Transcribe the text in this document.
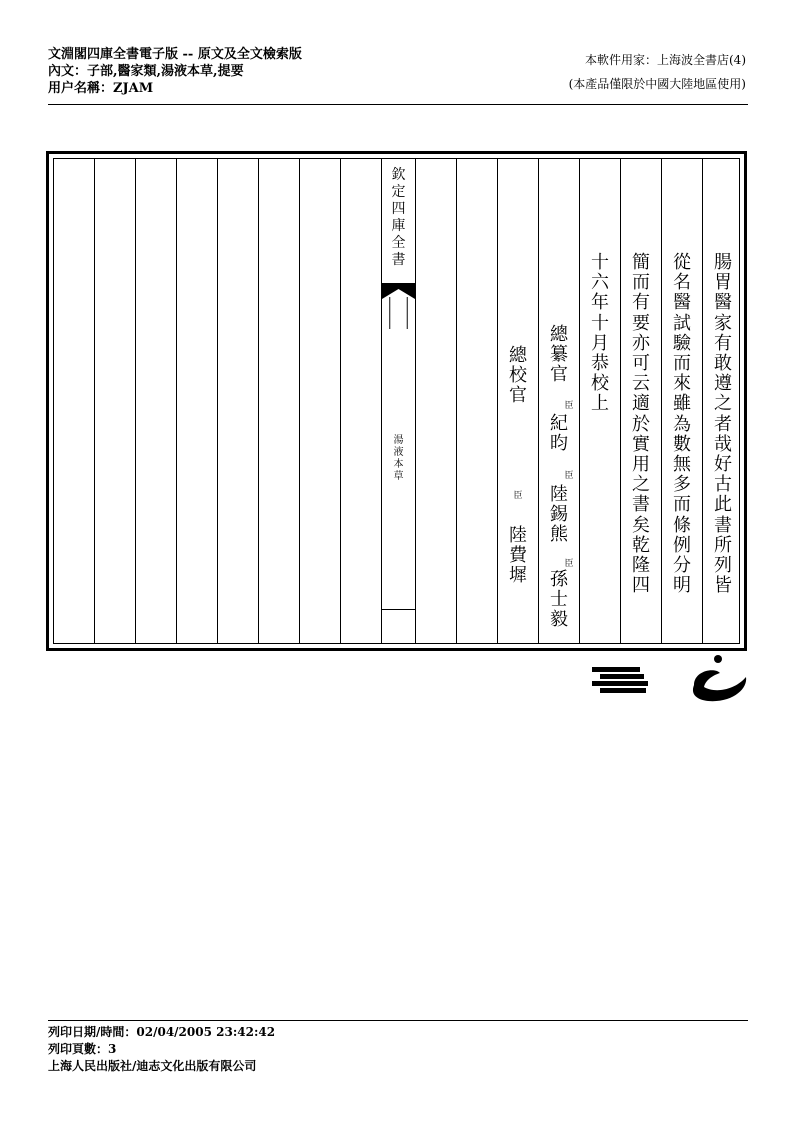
文淵閣四庫全書電子版 -- 原文及全文檢索版
內文：子部,醫家類,湯液本草,提要
用户名稱：ZJAM
本軟件用家：上海波全書店(4)
(本產品僅限於中國大陸地區使用)
欽
定
四
庫
全
書
湯
液
本
草
總
校
官
臣
陸
費
墀
總
纂
官
臣
紀
昀
臣
陸
錫
熊
臣
孫
士
毅
十
六
年
十
月
恭
校
上
簡
而
有
要
亦
可
云
適
於
實
用
之
書
矣
乾
隆
四
從
名
醫
試
驗
而
來
雖
為
數
無
多
而
條
例
分
明
腸
胃
醫
家
有
敢
遵
之
者
哉
好
古
此
書
所
列
皆
列印日期/時間：02/04/2005 23:42:42
列印頁數：3
上海人民出版社/迪志文化出版有限公司
